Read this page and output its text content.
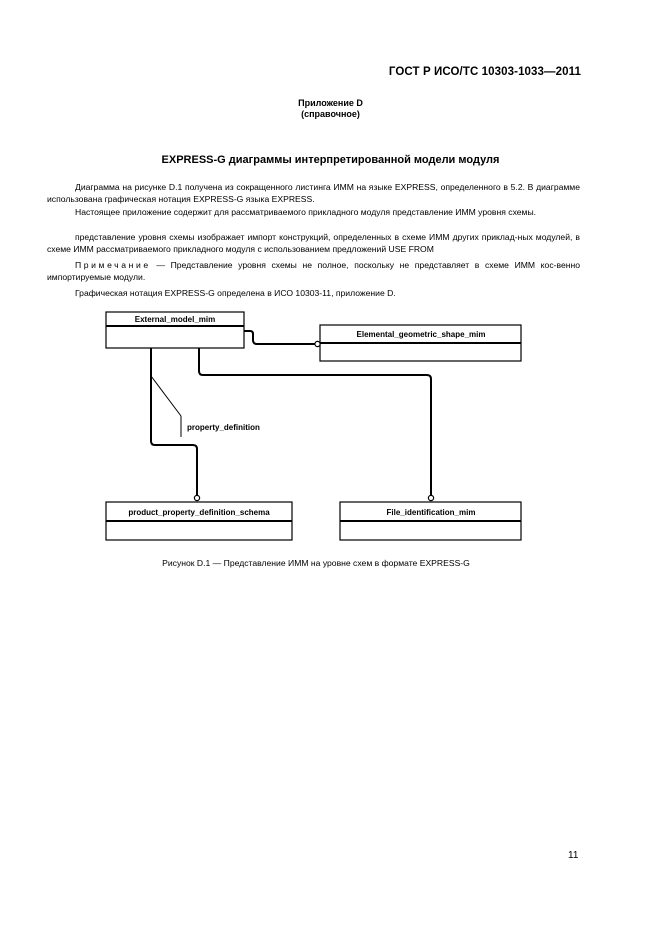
ГОСТ Р ИСО/ТС 10303-1033—2011
Приложение D
(справочное)
EXPRESS-G диаграммы интерпретированной модели модуля
Диаграмма на рисунке D.1 получена из сокращенного листинга ИММ на языке EXPRESS, определенного в 5.2. В диаграмме использована графическая нотация EXPRESS-G языка EXPRESS.
Настоящее приложение содержит для рассматриваемого прикладного модуля представление ИММ уровня схемы.
представление уровня схемы изображает импорт конструкций, определенных в схеме ИММ других приклад-ных модулей, в схеме ИММ рассматриваемого прикладного модуля с использованием предложений USE FROM
Примечание — Представление уровня схемы не полное, поскольку не представляет в схеме ИММ кос-венно импортируемые модули.
Графическая нотация EXPRESS-G определена в ИСО 10303-11, приложение D.
External_model_mim
Elemental_geometric_shape_mim
product_property_definition_schema	File_identification_mim
property_definition
Рисунок D.1 — Представление ИММ на уровне схем в формате EXPRESS-G
11
